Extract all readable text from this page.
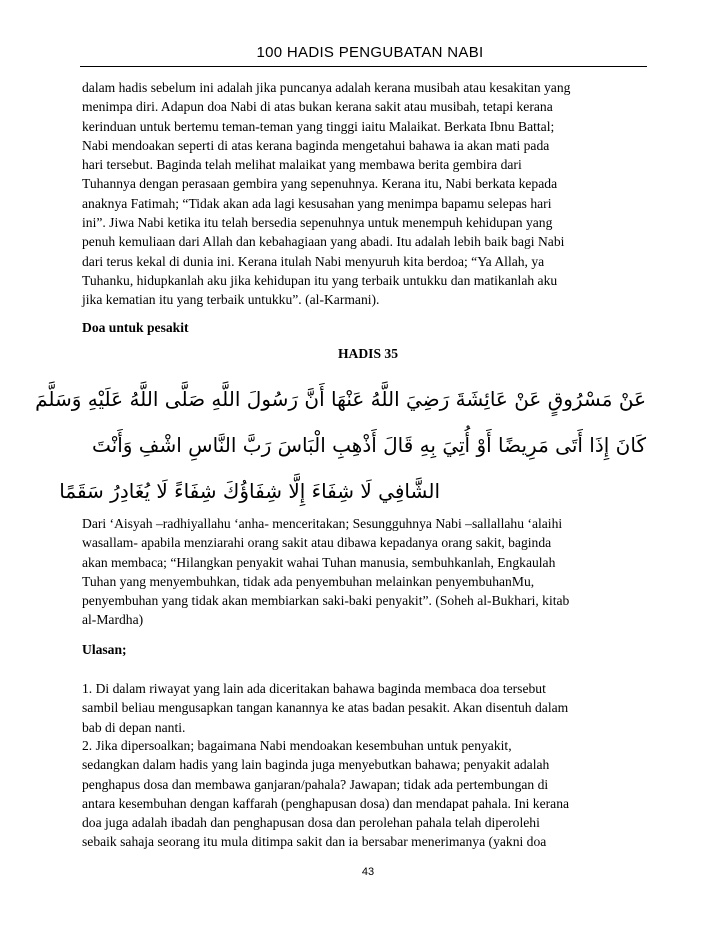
100 HADIS PENGUBATAN NABI
dalam hadis sebelum ini adalah jika puncanya adalah kerana musibah atau kesakitan yang
menimpa diri. Adapun doa Nabi di atas bukan kerana sakit atau musibah, tetapi kerana
kerinduan untuk bertemu teman-teman yang tinggi iaitu Malaikat. Berkata Ibnu Battal;
Nabi mendoakan seperti di atas kerana baginda mengetahui bahawa ia akan mati pada
hari tersebut. Baginda telah melihat malaikat yang membawa berita gembira dari
Tuhannya dengan perasaan gembira yang sepenuhnya. Kerana itu, Nabi berkata kepada
anaknya Fatimah; “Tidak akan ada lagi kesusahan yang menimpa bapamu selepas hari
ini”. Jiwa Nabi ketika itu telah bersedia sepenuhnya untuk menempuh kehidupan yang
penuh kemuliaan dari Allah dan kebahagiaan yang abadi. Itu adalah lebih baik bagi Nabi
dari terus kekal di dunia ini. Kerana itulah Nabi menyuruh kita berdoa; “Ya Allah, ya
Tuhanku, hidupkanlah aku jika kehidupan itu yang terbaik untukku dan matikanlah aku
jika kematian itu yang terbaik untukku”. (al-Karmani).
Doa untuk pesakit
HADIS 35
عَنْ مَسْرُوقٍ عَنْ عَائِشَةَ رَضِيَ اللَّهُ عَنْهَا أَنَّ رَسُولَ اللَّهِ صَلَّى اللَّهُ عَلَيْهِ وَسَلَّمَ
كَانَ إِذَا أَتَى مَرِيضًا أَوْ أُتِيَ بِهِ قَالَ أَذْهِبِ الْبَاسَ رَبَّ النَّاسِ اشْفِ وَأَنْتَ
الشَّافِي لَا شِفَاءَ إِلَّا شِفَاؤُكَ شِفَاءً لَا يُغَادِرُ سَقَمًا
Dari ‘Aisyah –radhiyallahu ‘anha- menceritakan; Sesungguhnya Nabi –sallallahu ‘alaihi
wasallam- apabila menziarahi orang sakit atau dibawa kepadanya orang sakit, baginda
akan membaca; “Hilangkan penyakit wahai Tuhan manusia, sembuhkanlah, Engkaulah
Tuhan yang menyembuhkan, tidak ada penyembuhan melainkan penyembuhanMu,
penyembuhan yang tidak akan membiarkan saki-baki penyakit”. (Soheh al-Bukhari, kitab
al-Mardha)
Ulasan;
1. Di dalam riwayat yang lain ada diceritakan bahawa baginda membaca doa tersebut
sambil beliau mengusapkan tangan kanannya ke atas badan pesakit. Akan disentuh dalam
bab di depan nanti.
2. Jika dipersoalkan; bagaimana Nabi mendoakan kesembuhan untuk penyakit,
sedangkan dalam hadis yang lain baginda juga menyebutkan bahawa; penyakit adalah
penghapus dosa dan membawa ganjaran/pahala? Jawapan; tidak ada pertembungan di
antara kesembuhan dengan kaffarah (penghapusan dosa) dan mendapat pahala. Ini kerana
doa juga adalah ibadah dan penghapusan dosa dan perolehan pahala telah diperolehi
sebaik sahaja seorang itu mula ditimpa sakit dan ia bersabar menerimanya (yakni doa
43
